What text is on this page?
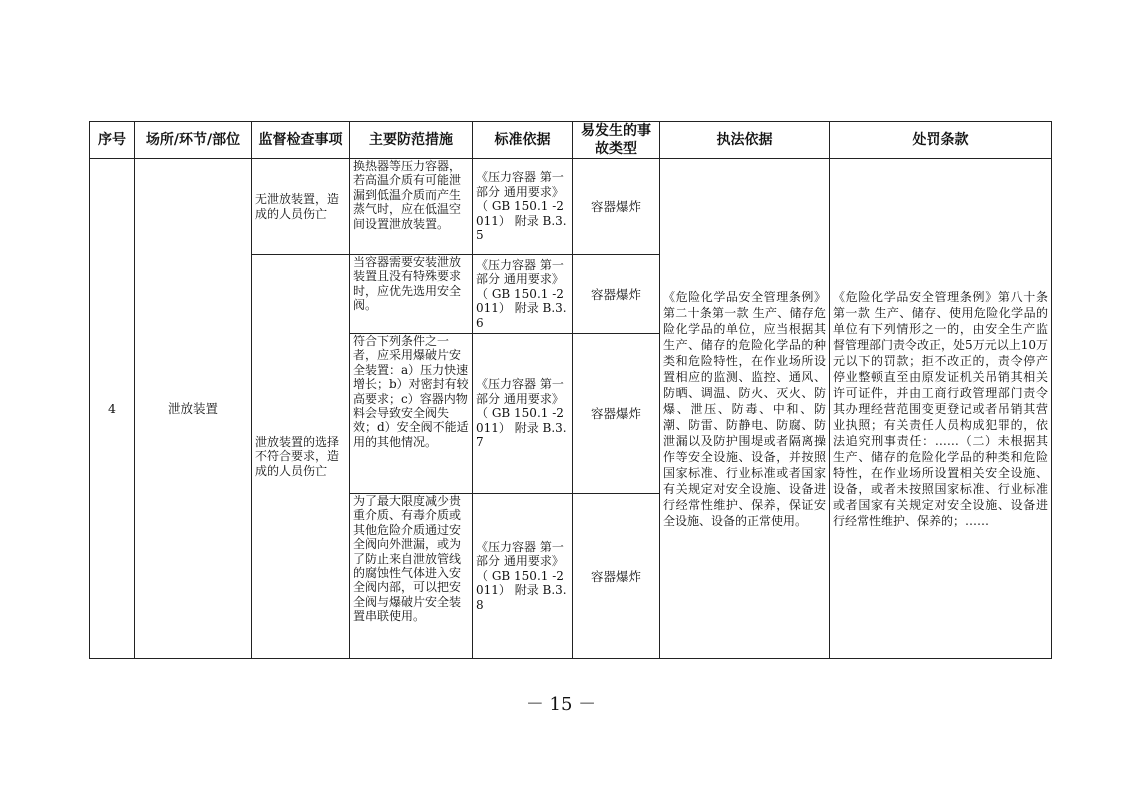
序号	场所/环节/部位	监督检查事项	主要防范措施	标准依据	易发生的事故类型	执法依据	处罚条款
4	泄放装置	无泄放装置，造成的人员伤亡	换热器等压力容器，若高温介质有可能泄漏到低温介质而产生蒸气时，应在低温空间设置泄放装置。	《压力容器 第一部分 通用要求》（ GB 150.1 -2011） 附录 B.3.5	容器爆炸	《危险化学品安全管理条例》第二十条第一款 生产、储存危险化学品的单位，应当根据其生产、储存的危险化学品的种类和危险特性，在作业场所设置相应的监测、监控、通风、防晒、调温、防火、灭火、防爆、泄压、防毒、中和、防潮、防雷、防静电、防腐、防泄漏以及防护围堤或者隔离操作等安全设施、设备，并按照国家标准、行业标准或者国家有关规定对安全设施、设备进行经常性维护、保养，保证安全设施、设备的正常使用。	《危险化学品安全管理条例》第八十条第一款 生产、储存、使用危险化学品的单位有下列情形之一的，由安全生产监督管理部门责令改正，处5万元以上10万元以下的罚款；拒不改正的，责令停产停业整顿直至由原发证机关吊销其相关许可证件，并由工商行政管理部门责令其办理经营范围变更登记或者吊销其营业执照；有关责任人员构成犯罪的，依法追究刑事责任：……（二）未根据其生产、储存的危险化学品的种类和危险特性，在作业场所设置相关安全设施、设备，或者未按照国家标准、行业标准或者国家有关规定对安全设施、设备进行经常性维护、保养的；……
		泄放装置的选择不符合要求，造成的人员伤亡	当容器需要安装泄放装置且没有特殊要求时，应优先选用安全阀。	《压力容器 第一部分 通用要求》（ GB 150.1 -2011） 附录 B.3.6	容器爆炸		
			符合下列条件之一者，应采用爆破片安全装置：a）压力快速增长；b）对密封有较高要求；c）容器内物料会导致安全阀失效；d）安全阀不能适用的其他情况。	《压力容器 第一部分 通用要求》（ GB 150.1 -2011） 附录 B.3.7	容器爆炸		
			为了最大限度减少贵重介质、有毒介质或其他危险介质通过安全阀向外泄漏，或为了防止来自泄放管线的腐蚀性气体进入安全阀内部，可以把安全阀与爆破片安全装置串联使用。	《压力容器 第一部分 通用要求》（ GB 150.1 -2011） 附录 B.3.8	容器爆炸		
－ 15 －
